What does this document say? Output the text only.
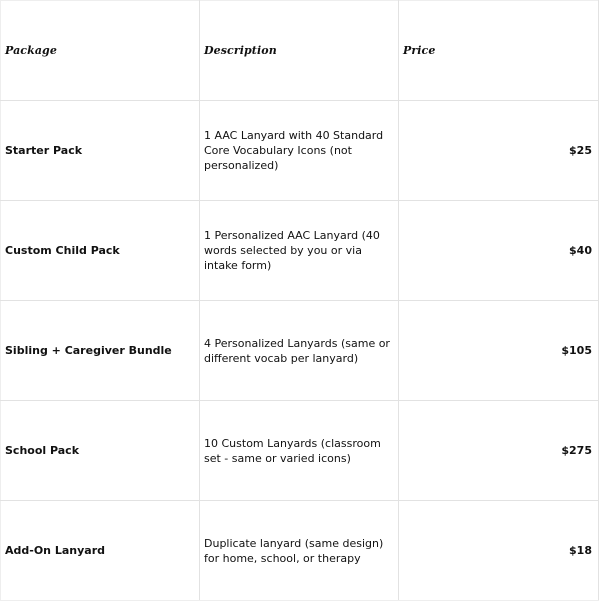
Package	Description	Price
Starter Pack	1 AAC Lanyard with 40 Standard Core Vocabulary Icons (not personalized)	$25
Custom Child Pack	1 Personalized AAC Lanyard (40 words selected by you or via intake form)	$40
Sibling + Caregiver Bundle	4 Personalized Lanyards (same or different vocab per lanyard)	$105
School Pack	10 Custom Lanyards (classroom set - same or varied icons)	$275
Add-On Lanyard	Duplicate lanyard (same design) for home, school, or therapy	$18
